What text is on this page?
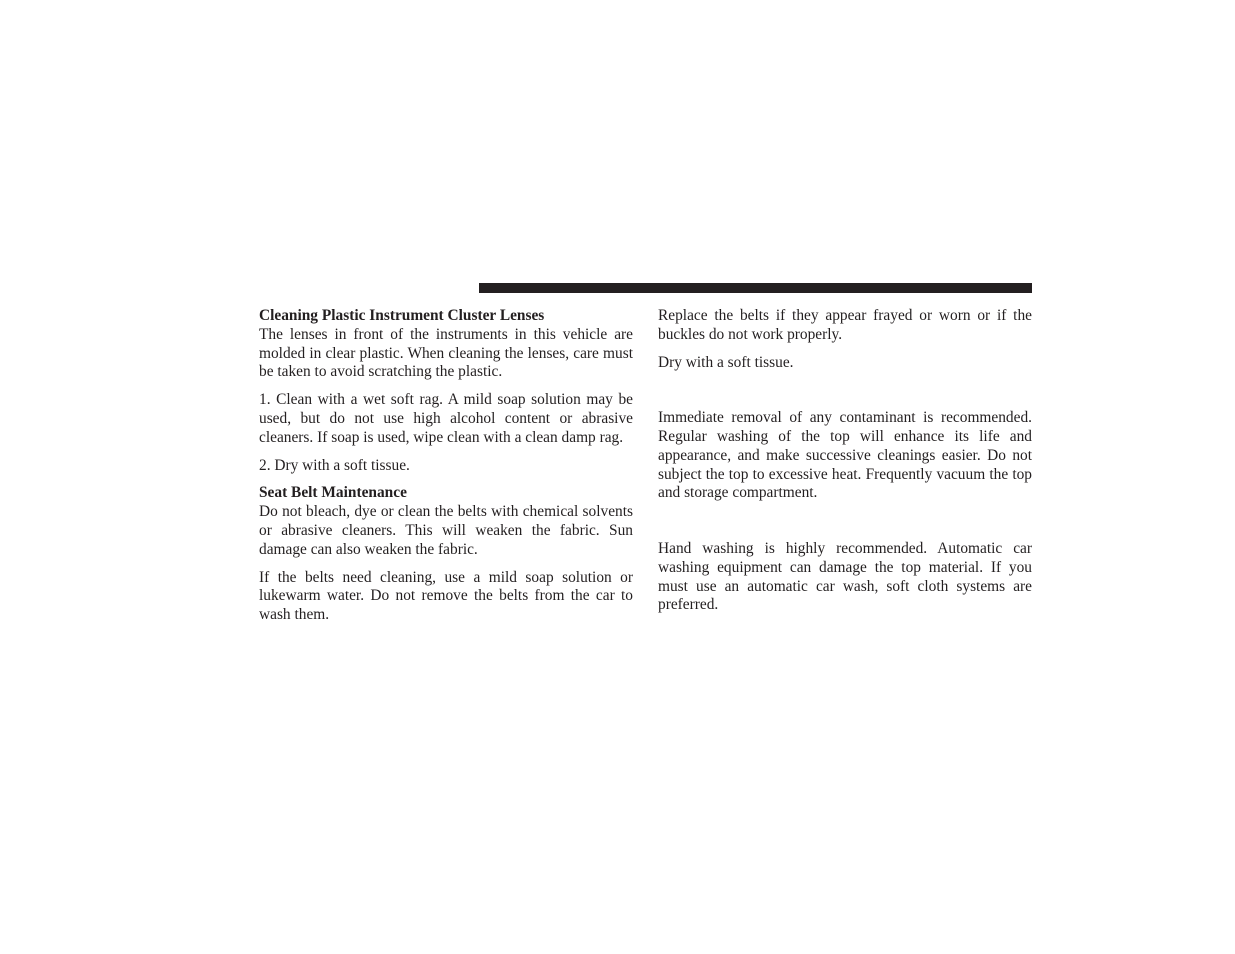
Cleaning Plastic Instrument Cluster Lenses

The lenses in front of the instruments in this vehicle are molded in clear plastic. When cleaning the lenses, care must be taken to avoid scratching the plastic.

1. Clean with a wet soft rag. A mild soap solution may be used, but do not use high alcohol content or abrasive cleaners. If soap is used, wipe clean with a clean damp rag.

2. Dry with a soft tissue.

Seat Belt Maintenance

Do not bleach, dye or clean the belts with chemical solvents or abrasive cleaners. This will weaken the fabric. Sun damage can also weaken the fabric.

If the belts need cleaning, use a mild soap solution or lukewarm water. Do not remove the belts from the car to wash them.

Replace the belts if they appear frayed or worn or if the buckles do not work properly.

Dry with a soft tissue.

Immediate removal of any contaminant is recommended. Regular washing of the top will enhance its life and appearance, and make successive cleanings easier. Do not subject the top to excessive heat. Frequently vacuum the top and storage compartment.

Hand washing is highly recommended. Automatic car washing equipment can damage the top material. If you must use an automatic car wash, soft cloth systems are preferred.
